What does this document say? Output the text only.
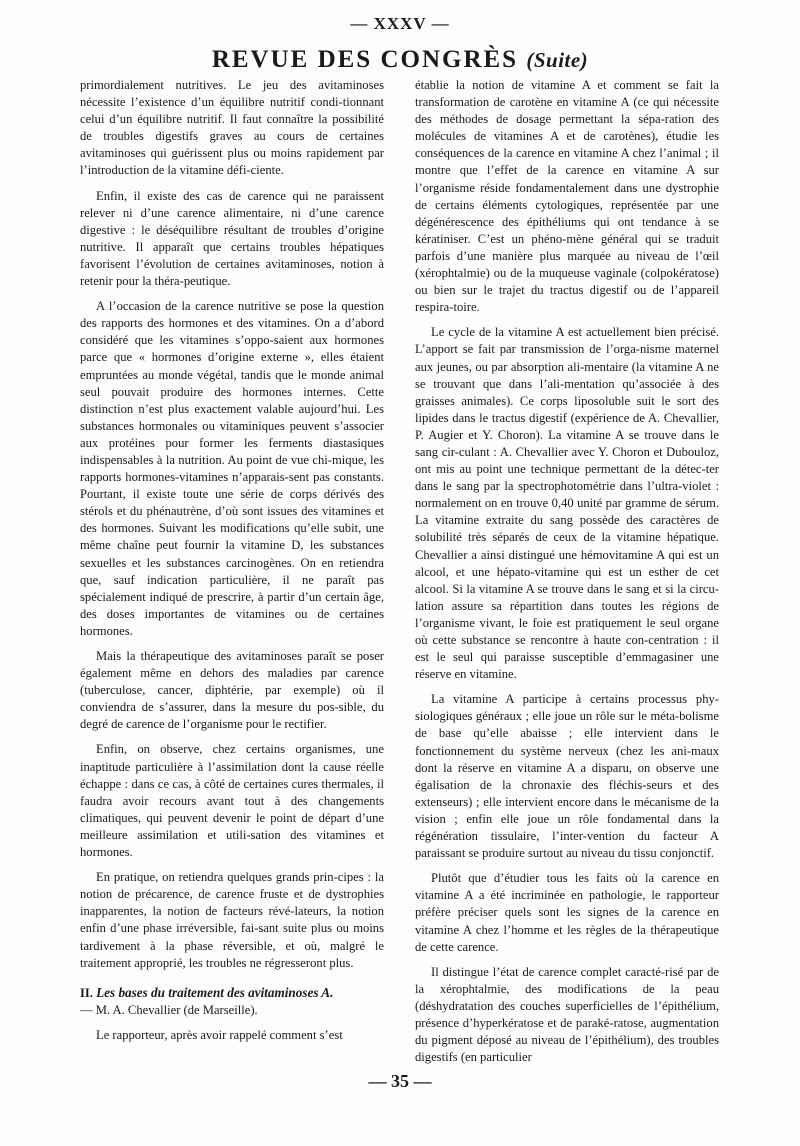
— XXXV —
REVUE DES CONGRÈS (Suite)

primordialement nutritives. Le jeu des avitaminoses nécessite l’existence d’un équilibre nutritif condi-tionnant celui d’un équilibre nutritif. Il faut connaître la possibilité de troubles digestifs graves au cours de certaines avitaminoses qui guérissent plus ou moins rapidement par l’introduction de la vitamine défi-ciente.

Enfin, il existe des cas de carence qui ne paraissent relever ni d’une carence alimentaire, ni d’une carence digestive : le déséquilibre résultant de troubles d’origine nutritive. Il apparaît que certains troubles hépatiques favorisent l’évolution de certaines avitaminoses, notion à retenir pour la théra-peutique.

A l’occasion de la carence nutritive se pose la question des rapports des hormones et des vitamines. On a d’abord considéré que les vitamines s’oppo-saient aux hormones parce que « hormones d’origine externe », elles étaient empruntées au monde végétal, tandis que le monde animal seul pouvait produire des hormones internes. Cette distinction n’est plus exactement valable aujourd’hui. Les substances hormonales ou vitaminiques peuvent s’associer aux protéines pour former les ferments diastasiques indispensables à la nutrition. Au point de vue chi-mique, les rapports hormones-vitamines n’apparais-sent pas constants. Pourtant, il existe toute une série de corps dérivés des stérols et du phénautrène, d’où sont issues des vitamines et des hormones. Suivant les modifications qu’elle subit, une même chaîne peut fournir la vitamine D, les substances sexuelles et les substances carcinogènes. On en retiendra que, sauf indication particulière, il ne paraît pas spécialement indiqué de prescrire, à partir d’un certain âge, des doses importantes de vitamines ou de certaines hormones.

Mais la thérapeutique des avitaminoses paraît se poser également même en dehors des maladies par carence (tuberculose, cancer, diphtérie, par exemple) où il conviendra de s’assurer, dans la mesure du pos-sible, du degré de carence de l’organisme pour le rectifier.

Enfin, on observe, chez certains organismes, une inaptitude particulière à l’assimilation dont la cause réelle échappe : dans ce cas, à côté de certaines cures thermales, il faudra avoir recours avant tout à des changements climatiques, qui peuvent devenir le point de départ d’une meilleure assimilation et utili-sation des vitamines et hormones.

En pratique, on retiendra quelques grands prin-cipes : la notion de précarence, de carence fruste et de dystrophies inapparentes, la notion de facteurs révé-lateurs, la notion enfin d’une phase irréversible, fai-sant suite plus ou moins tardivement à la phase réversible, et où, malgré le traitement approprié, les troubles ne régresseront plus.

II. Les bases du traitement des avitaminoses A.
— M. A. Chevallier (de Marseille).

Le rapporteur, après avoir rappelé comment s’est

établie la notion de vitamine A et comment se fait la transformation de carotène en vitamine A (ce qui nécessite des méthodes de dosage permettant la sépa-ration des molécules de vitamines A et de carotènes), étudie les conséquences de la carence en vitamine A chez l’animal ; il montre que l’effet de la carence en vitamine A sur l’organisme réside fondamentalement dans une dystrophie de certains éléments cytologiques, représentée par une dégénérescence des épithéliums qui ont tendance à se kératiniser. C’est un phéno-mène général qui se traduit parfois d’une manière plus marquée au niveau de l’œil (xérophtalmie) ou de la muqueuse vaginale (colpokératose) ou bien sur le trajet du tractus digestif ou de l’appareil respira-toire.

Le cycle de la vitamine A est actuellement bien précisé. L’apport se fait par transmission de l’orga-nisme maternel aux jeunes, ou par absorption ali-mentaire (la vitamine A ne se trouvant que dans l’ali-mentation qu’associée à des graisses animales). Ce corps liposoluble suit le sort des lipides dans le tractus digestif (expérience de A. Chevallier, P. Augier et Y. Choron). La vitamine A se trouve dans le sang cir-culant : A. Chevallier avec Y. Choron et Dubouloz, ont mis au point une technique permettant de la détec-ter dans le sang par la spectrophotométrie dans l’ultra-violet : normalement on en trouve 0,40 unité par gramme de sérum. La vitamine extraite du sang possède des caractères de solubilité très séparés de ceux de la vitamine hépatique. Chevallier a ainsi distingué une hémovitamine A qui est un alcool, et une hépato-vitamine qui est un esther de cet alcool. Si la vitamine A se trouve dans le sang et si la circu-lation assure sa répartition dans toutes les régions de l’organisme vivant, le foie est pratiquement le seul organe où cette substance se rencontre à haute con-centration : il est le seul qui paraisse susceptible d’emmagasiner une réserve en vitamine.

La vitamine A participe à certains processus phy-siologiques généraux ; elle joue un rôle sur le méta-bolisme de base qu’elle abaisse ; elle intervient dans le fonctionnement du système nerveux (chez les ani-maux dont la réserve en vitamine A a disparu, on observe une égalisation de la chronaxie des fléchis-seurs et des extenseurs) ; elle intervient encore dans le mécanisme de la vision ; enfin elle joue un rôle fondamental dans la régénération tissulaire, l’inter-vention du facteur A paraissant se produire surtout au niveau du tissu conjonctif.

Plutôt que d’étudier tous les faits où la carence en vitamine A a été incriminée en pathologie, le rapporteur préfère préciser quels sont les signes de la carence en vitamine A chez l’homme et les règles de la thérapeutique de cette carence.

Il distingue l’état de carence complet caracté-risé par de la xérophtalmie, des modifications de la peau (déshydratation des couches superficielles de l’épithélium, présence d’hyperkératose et de paraké-ratose, augmentation du pigment déposé au niveau de l’épithélium), des troubles digestifs (en particulier

— 35 —
